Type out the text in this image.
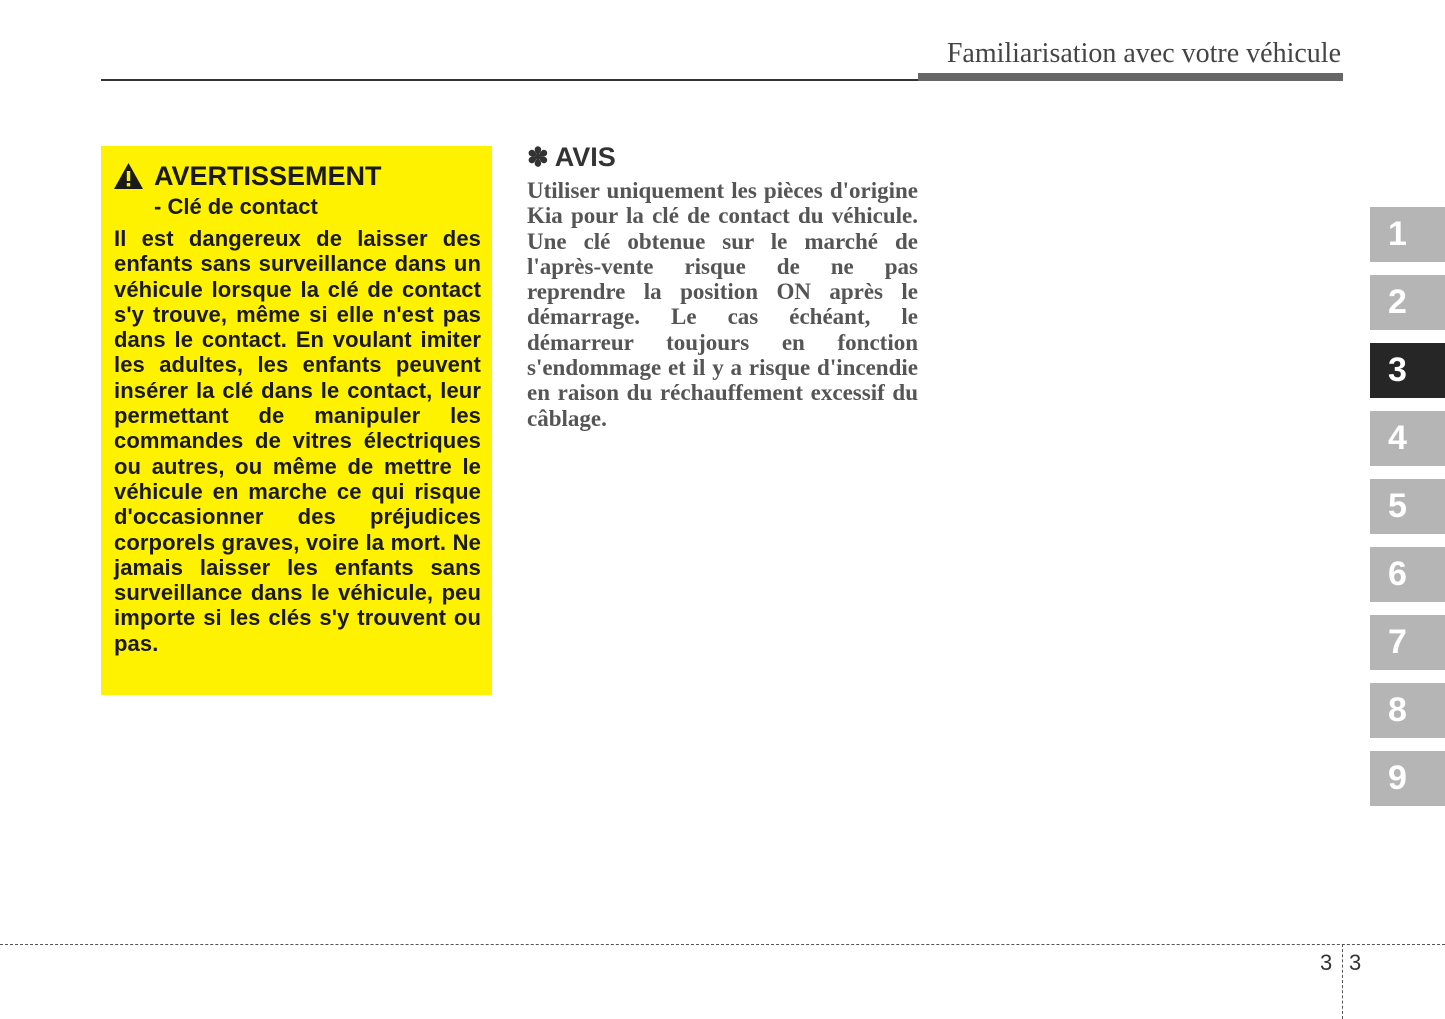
Familiarisation avec votre véhicule
AVERTISSEMENT
- Clé de contact
Il est dangereux de laisser des enfants sans surveillance dans un véhicule lorsque la clé de contact s'y trouve, même si elle n'est pas dans le contact. En voulant imiter les adultes, les enfants peuvent insérer la clé dans le contact, leur permettant de manipuler les commandes de vitres électriques ou autres, ou même de mettre le véhicule en marche ce qui risque d'occasionner des préjudices corporels graves, voire la mort. Ne jamais laisser les enfants sans surveillance dans le véhicule, peu importe si les clés s'y trouvent ou pas.
✽ AVIS
Utiliser uniquement les pièces d'origine Kia pour la clé de contact du véhicule. Une clé obtenue sur le marché de l'après-vente risque de ne pas reprendre la position ON après le démarrage. Le cas échéant, le démarreur toujours en fonction s'endommage et il y a risque d'incendie en raison du réchauffement excessif du câblage.
1
2
3
4
5
6
7
8
9
3 3
